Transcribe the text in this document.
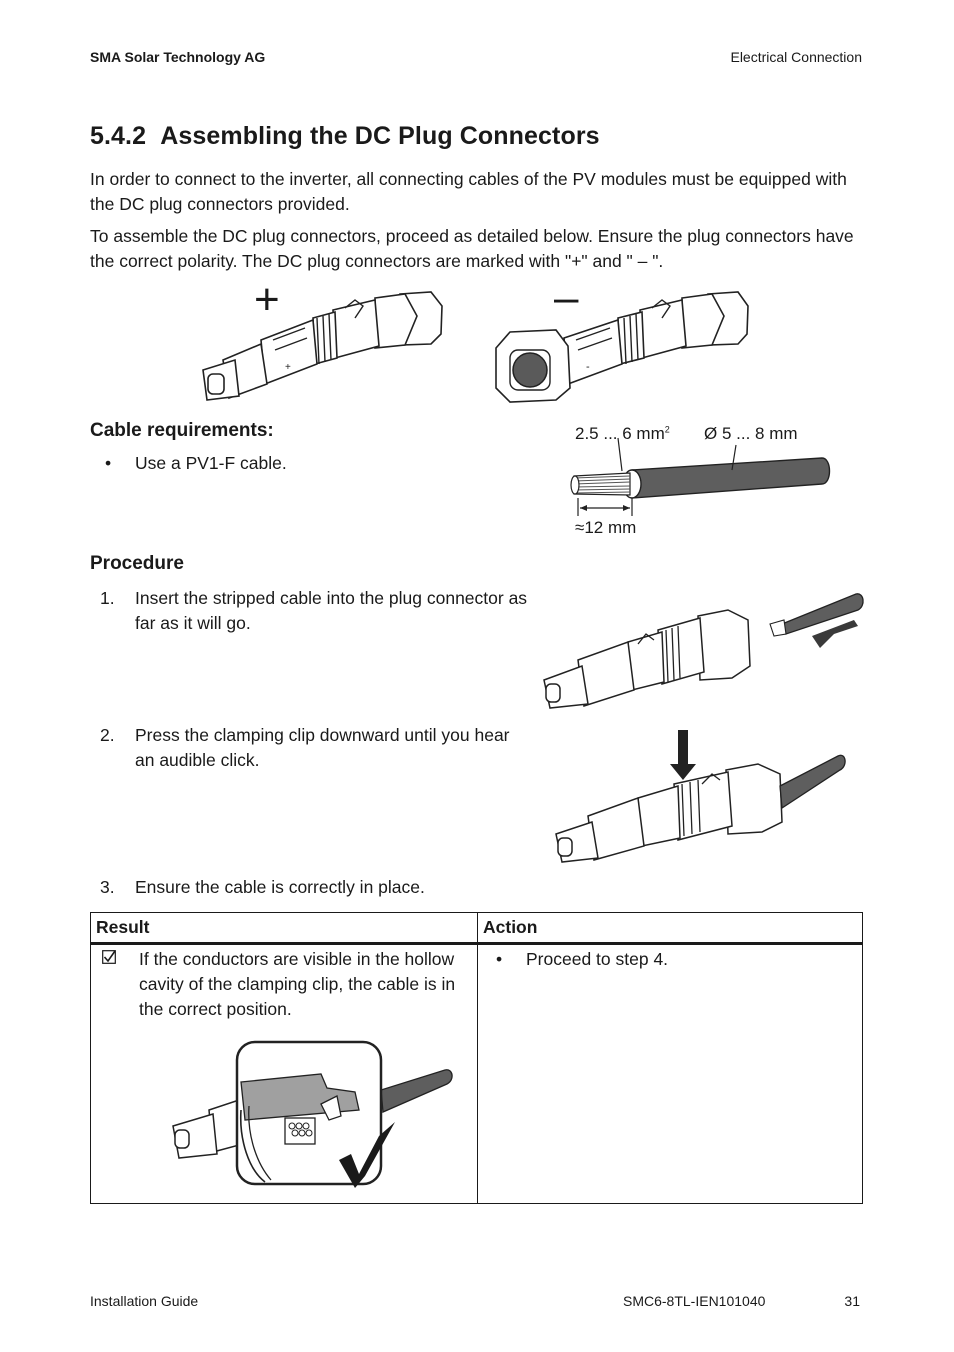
SMA Solar Technology AG	Electrical Connection
5.4.2 Assembling the DC Plug Connectors
In order to connect to the inverter, all connecting cables of the PV modules must be equipped with the DC plug connectors provided.
To assemble the DC plug connectors, proceed as detailed below. Ensure the plug connectors have the correct polarity. The DC plug connectors are marked with "+" and " – ".
+	–
+	-
Cable requirements:
• Use a PV1-F cable.
2.5 ... 6 $mm^2$ Ø 5 ... 8 mm
≈12 mm
Procedure
1. Insert the stripped cable into the plug connector as far as it will go.
2. Press the clamping clip downward until you hear an audible click.
3. Ensure the cable is correctly in place.
Result	Action

If the conductors are visible in the hollow cavity of the clamping clip, the cable is in the correct position.	• Proceed to step 4.
Installation Guide	SMC6-8TL-IEN101040	31
